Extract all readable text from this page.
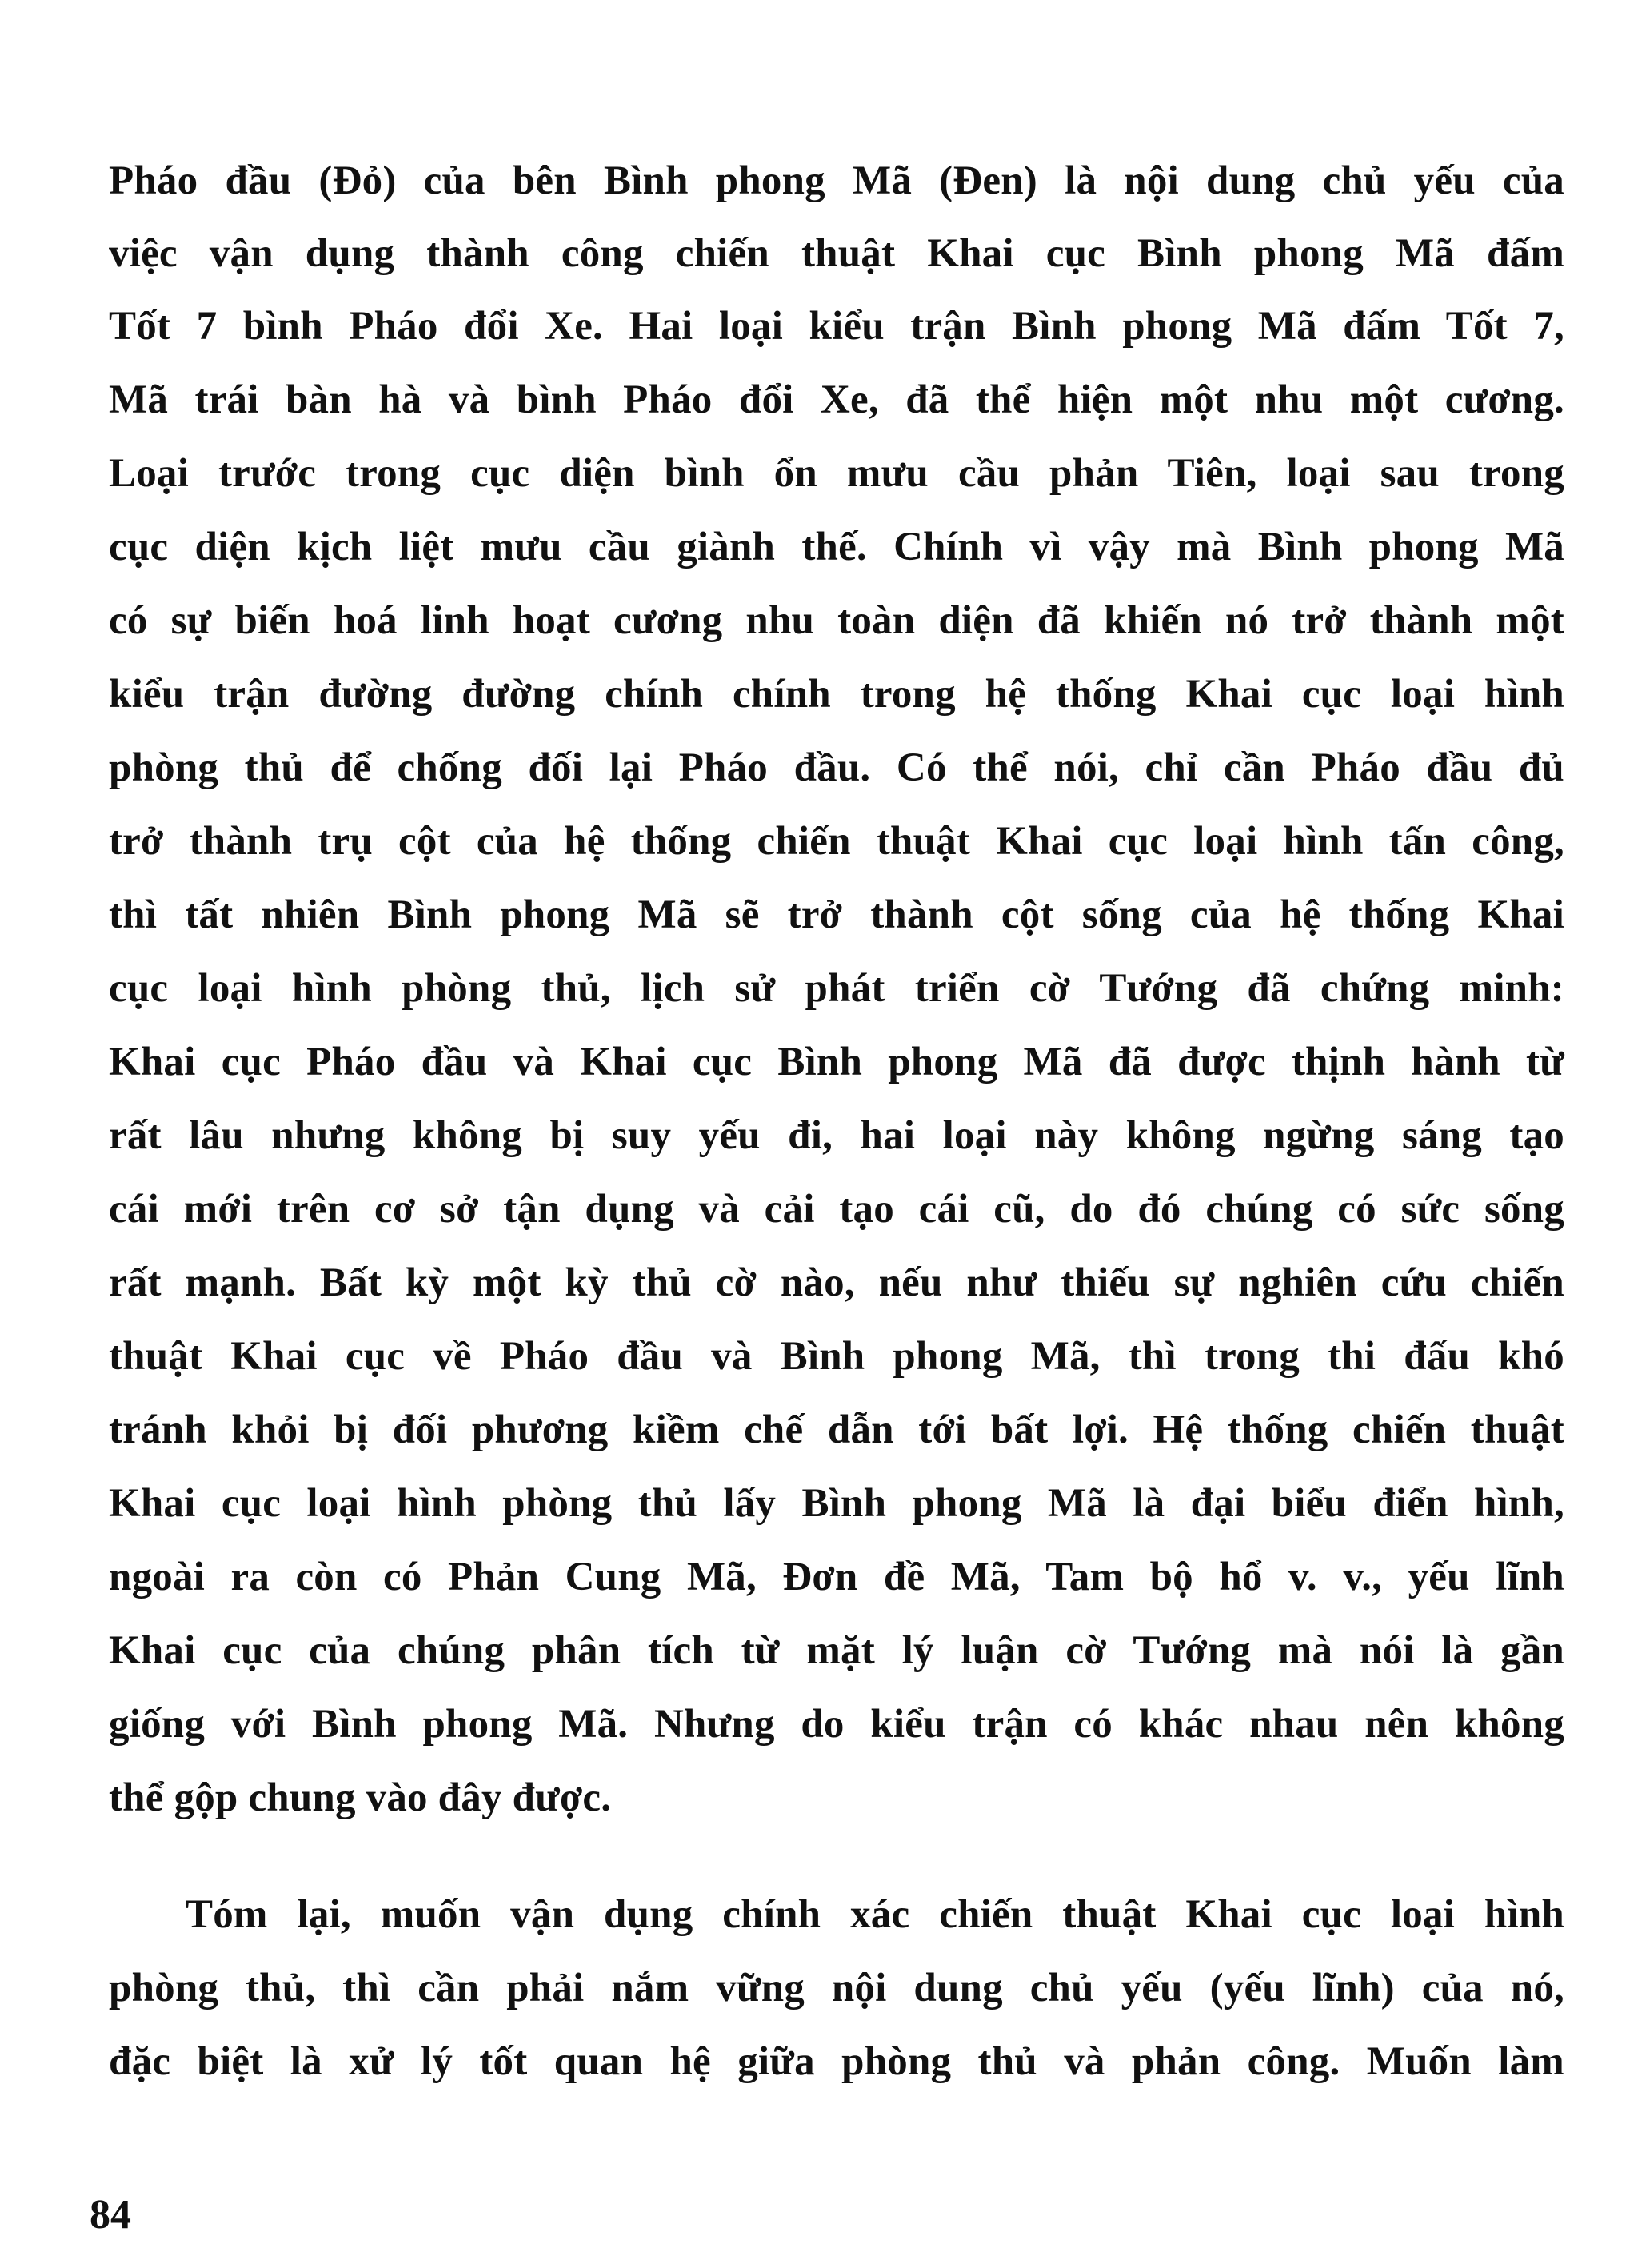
Pháo đầu (Đỏ) của bên Bình phong Mã (Đen) là nội dung chủ yếu của
việc vận dụng thành công chiến thuật Khai cục Bình phong Mã đấm
Tốt 7 bình Pháo đổi Xe. Hai loại kiểu trận Bình phong Mã đấm Tốt 7,
Mã trái bàn hà và bình Pháo đổi Xe, đã thể hiện một nhu một cương.
Loại trước trong cục diện bình ổn mưu cầu phản Tiên, loại sau trong
cục diện kịch liệt mưu cầu giành thế. Chính vì vậy mà Bình phong Mã
có sự biến hoá linh hoạt cương nhu toàn diện đã khiến nó trở thành một
kiểu trận đường đường chính chính trong hệ thống Khai cục loại hình
phòng thủ để chống đối lại Pháo đầu. Có thể nói, chỉ cần Pháo đầu đủ
trở thành trụ cột của hệ thống chiến thuật Khai cục loại hình tấn công,
thì tất nhiên Bình phong Mã sẽ trở thành cột sống của hệ thống Khai
cục loại hình phòng thủ, lịch sử phát triển cờ Tướng đã chứng minh:
Khai cục Pháo đầu và Khai cục Bình phong Mã đã được thịnh hành từ
rất lâu nhưng không bị suy yếu đi, hai loại này không ngừng sáng tạo
cái mới trên cơ sở tận dụng và cải tạo cái cũ, do đó chúng có sức sống
rất mạnh. Bất kỳ một kỳ thủ cờ nào, nếu như thiếu sự nghiên cứu chiến
thuật Khai cục về Pháo đầu và Bình phong Mã, thì trong thi đấu khó
tránh khỏi bị đối phương kiềm chế dẫn tới bất lợi. Hệ thống chiến thuật
Khai cục loại hình phòng thủ lấy Bình phong Mã là đại biểu điển hình,
ngoài ra còn có Phản Cung Mã, Đơn đề Mã, Tam bộ hổ v. v., yếu lĩnh
Khai cục của chúng phân tích từ mặt lý luận cờ Tướng mà nói là gần
giống với Bình phong Mã. Nhưng do kiểu trận có khác nhau nên không
thể gộp chung vào đây được.
Tóm lại, muốn vận dụng chính xác chiến thuật Khai cục loại hình
phòng thủ, thì cần phải nắm vững nội dung chủ yếu (yếu lĩnh) của nó,
đặc biệt là xử lý tốt quan hệ giữa phòng thủ và phản công. Muốn làm
84
